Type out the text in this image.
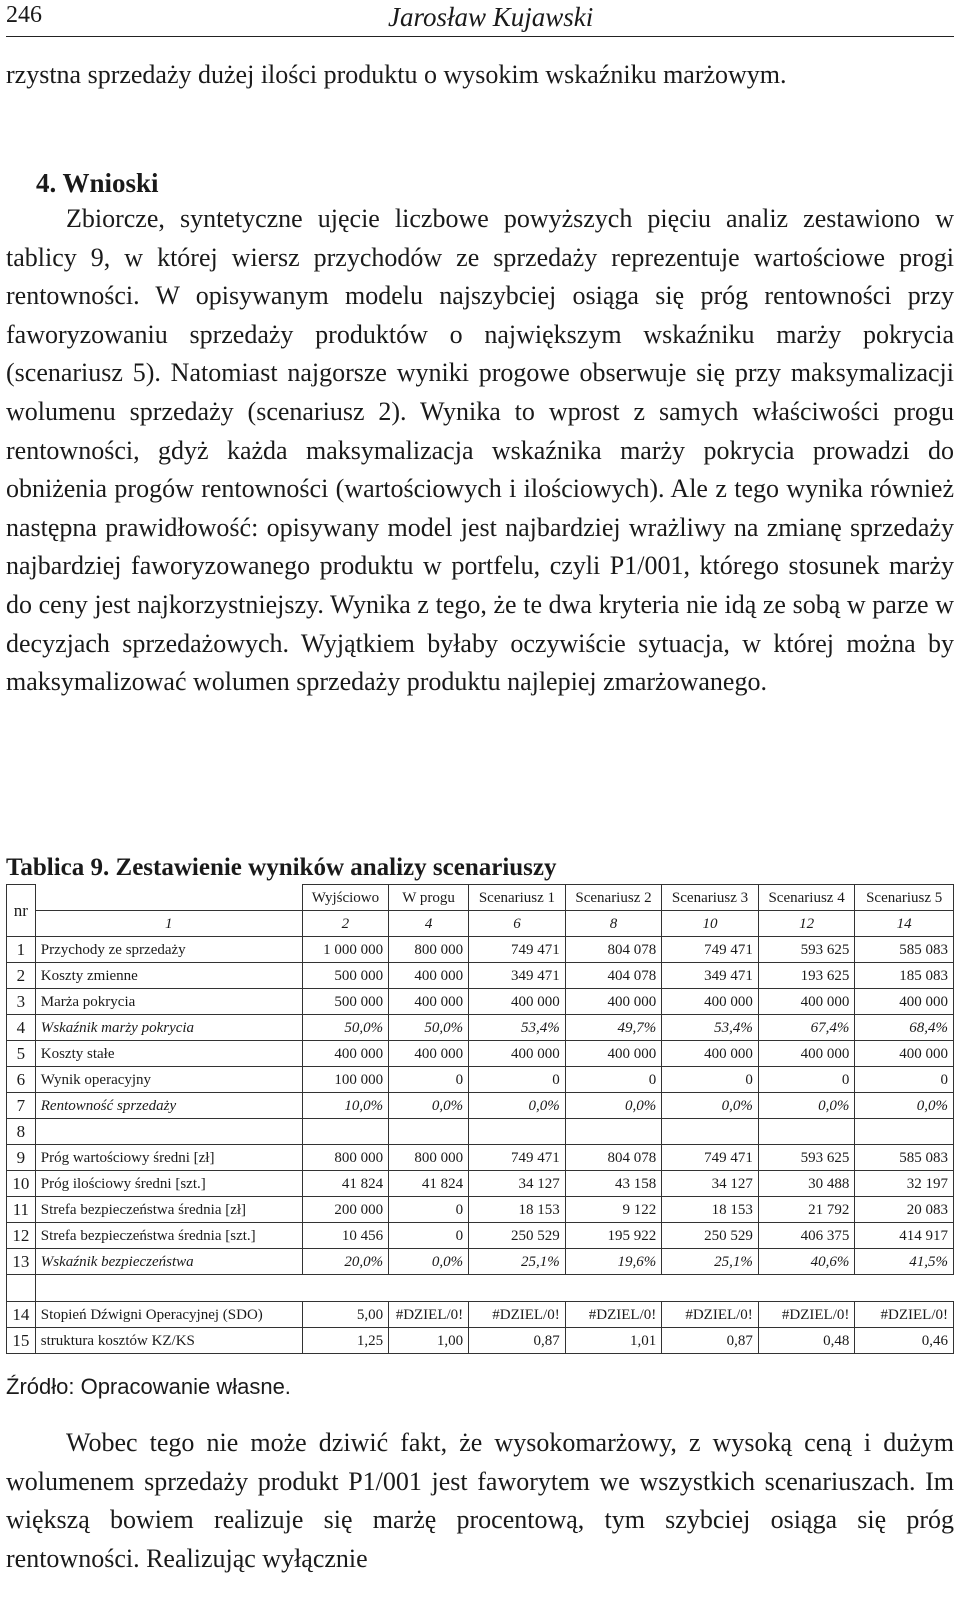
246	Jarosław Kujawski

rzystna sprzedaży dużej ilości produktu o wysokim wskaźniku marżowym.

4. Wnioski

Zbiorcze, syntetyczne ujęcie liczbowe powyższych pięciu analiz zestawiono w tablicy 9, w której wiersz przychodów ze sprzedaży reprezentuje wartościowe progi rentowności. W opisywanym modelu najszybciej osiąga się próg rentowności przy faworyzowaniu sprzedaży produktów o największym wskaźniku marży pokrycia (scenariusz 5). Natomiast najgorsze wyniki progowe obserwuje się przy maksymalizacji wolumenu sprzedaży (scenariusz 2). Wynika to wprost z samych właściwości progu rentowności, gdyż każda maksymalizacja wskaźnika marży pokrycia prowadzi do obniżenia progów rentowności (wartościowych i ilościowych). Ale z tego wynika również następna prawidłowość: opisywany model jest najbardziej wrażliwy na zmianę sprzedaży najbardziej faworyzowanego produktu w portfelu, czyli P1/001, którego stosunek marży do ceny jest najkorzystniejszy. Wynika z tego, że te dwa kryteria nie idą ze sobą w parze w decyzjach sprzedażowych. Wyjątkiem byłaby oczywiście sytuacja, w której można by maksymalizować wolumen sprzedaży produktu najlepiej zmarżowanego.

Tablica 9. Zestawienie wyników analizy scenariuszy

nr		Wyjściowo	W progu	Scenariusz 1	Scenariusz 2	Scenariusz 3	Scenariusz 4	Scenariusz 5
	1	2	4	6	8	10	12	14
1	Przychody ze sprzedaży	1 000 000	800 000	749 471	804 078	749 471	593 625	585 083
2	Koszty zmienne	500 000	400 000	349 471	404 078	349 471	193 625	185 083
3	Marża pokrycia	500 000	400 000	400 000	400 000	400 000	400 000	400 000
4	Wskaźnik marży pokrycia	50,0%	50,0%	53,4%	49,7%	53,4%	67,4%	68,4%
5	Koszty stałe	400 000	400 000	400 000	400 000	400 000	400 000	400 000
6	Wynik operacyjny	100 000	0	0	0	0	0	0
7	Rentowność sprzedaży	10,0%	0,0%	0,0%	0,0%	0,0%	0,0%	0,0%
8								
9	Próg wartościowy średni [zł]	800 000	800 000	749 471	804 078	749 471	593 625	585 083
10	Próg ilościowy średni [szt.]	41 824	41 824	34 127	43 158	34 127	30 488	32 197
11	Strefa bezpieczeństwa średnia [zł]	200 000	0	18 153	9 122	18 153	21 792	20 083
12	Strefa bezpieczeństwa średnia [szt.]	10 456	0	250 529	195 922	250 529	406 375	414 917
13	Wskaźnik bezpieczeństwa	20,0%	0,0%	25,1%	19,6%	25,1%	40,6%	41,5%

14	Stopień Dźwigni Operacyjnej (SDO)	5,00	#DZIEL/0!	#DZIEL/0!	#DZIEL/0!	#DZIEL/0!	#DZIEL/0!	#DZIEL/0!
15	struktura kosztów KZ/KS	1,25	1,00	0,87	1,01	0,87	0,48	0,46

Źródło: Opracowanie własne.

Wobec tego nie może dziwić fakt, że wysokomarżowy, z wysoką ceną i dużym wolumenem sprzedaży produkt P1/001 jest faworytem we wszystkich scenariuszach. Im większą bowiem realizuje się marżę procentową, tym szybciej osiąga się próg rentowności. Realizując wyłącznie
